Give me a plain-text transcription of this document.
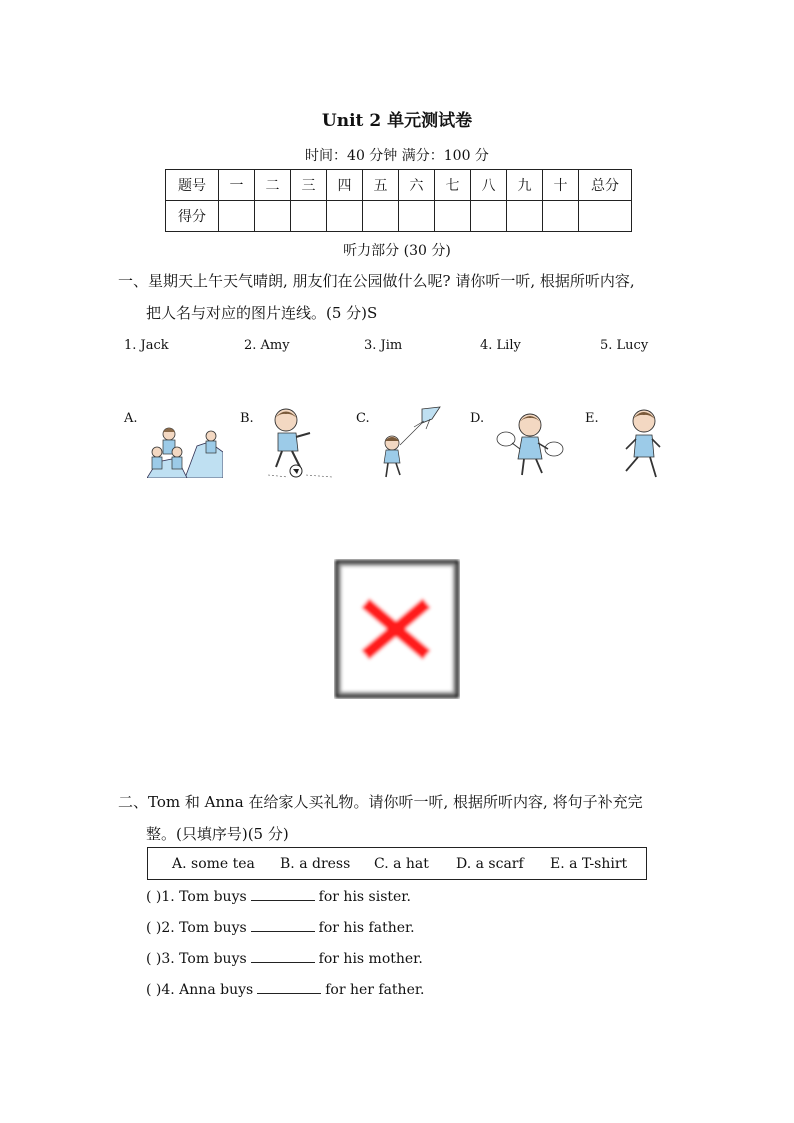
Unit 2 单元测试卷
时间：40 分钟 满分：100 分
题号	一	二	三	四	五	六	七	八	九	十	总分
得分											
听力部分 (30 分)
一、星期天上午天气晴朗, 朋友们在公园做什么呢? 请你听一听, 根据所听内容,
把人名与对应的图片连线。(5 分)S
1. Jack	2. Amy	3. Jim	4. Lily	5. Lucy
A.	B.	C.	D.	E.
二、Tom 和 Anna 在给家人买礼物。请你听一听, 根据所听内容, 将句子补充完
整。(只填序号)(5 分)
A. some tea B. a dress C. a hat D. a scarf E. a T-shirt
( )1. Tom buys	for his sister.
( )2. Tom buys	for his father.
( )3. Tom buys	for his mother.
( )4. Anna buys	for her father.
